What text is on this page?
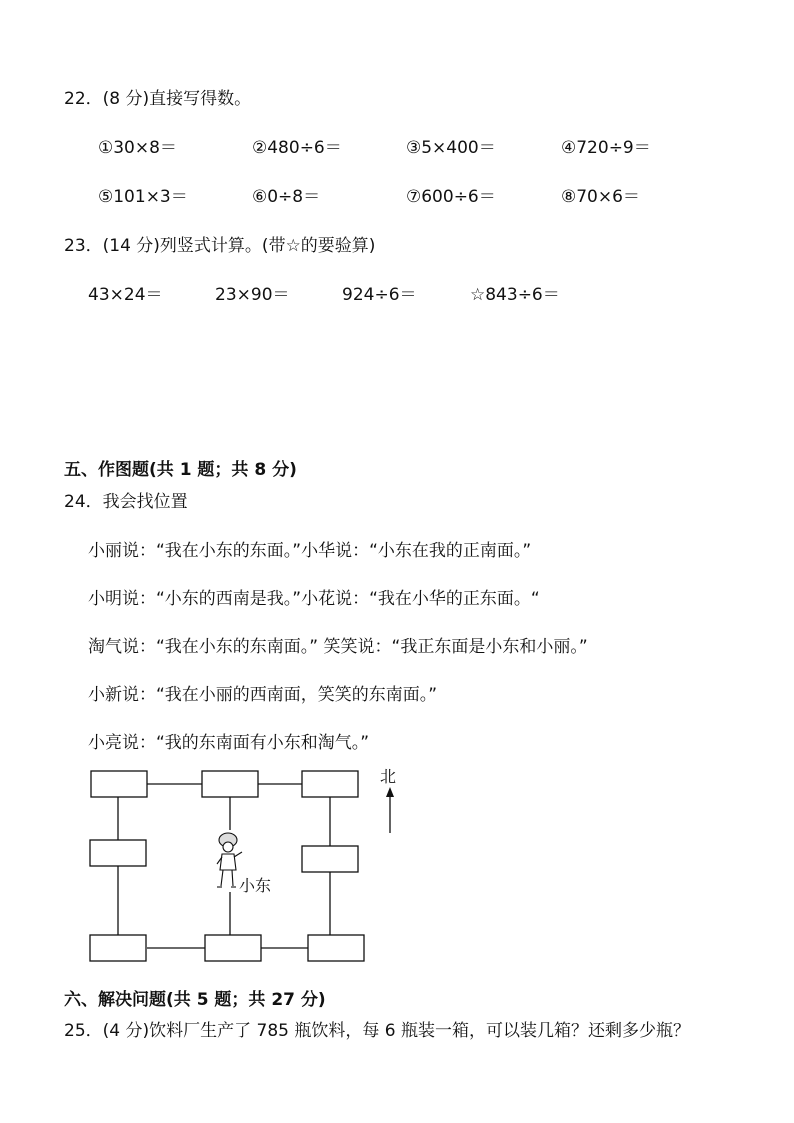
22．(8 分)直接写得数。
①30×8＝	②480÷6＝	③5×400＝	④720÷9＝
⑤101×3＝	⑥0÷8＝	⑦600÷6＝	⑧70×6＝
23．(14 分)列竖式计算。(带☆的要验算)
43×24＝	23×90＝	924÷6＝	☆843÷6＝
五、作图题(共 1 题；共 8 分)
24．我会找位置
小丽说：“我在小东的东面。”小华说：“小东在我的正南面。”
小明说：“小东的西南是我。”小花说：“我在小华的正东面。“
淘气说：“我在小东的东南面。” 笑笑说：“我正东面是小东和小丽。”
小新说：“我在小丽的西南面，笑笑的东南面。”
小亮说：“我的东南面有小东和淘气。”
北
小东
六、解决问题(共 5 题；共 27 分)
25．(4 分)饮料厂生产了 785 瓶饮料，每 6 瓶装一箱，可以装几箱？还剩多少瓶？
